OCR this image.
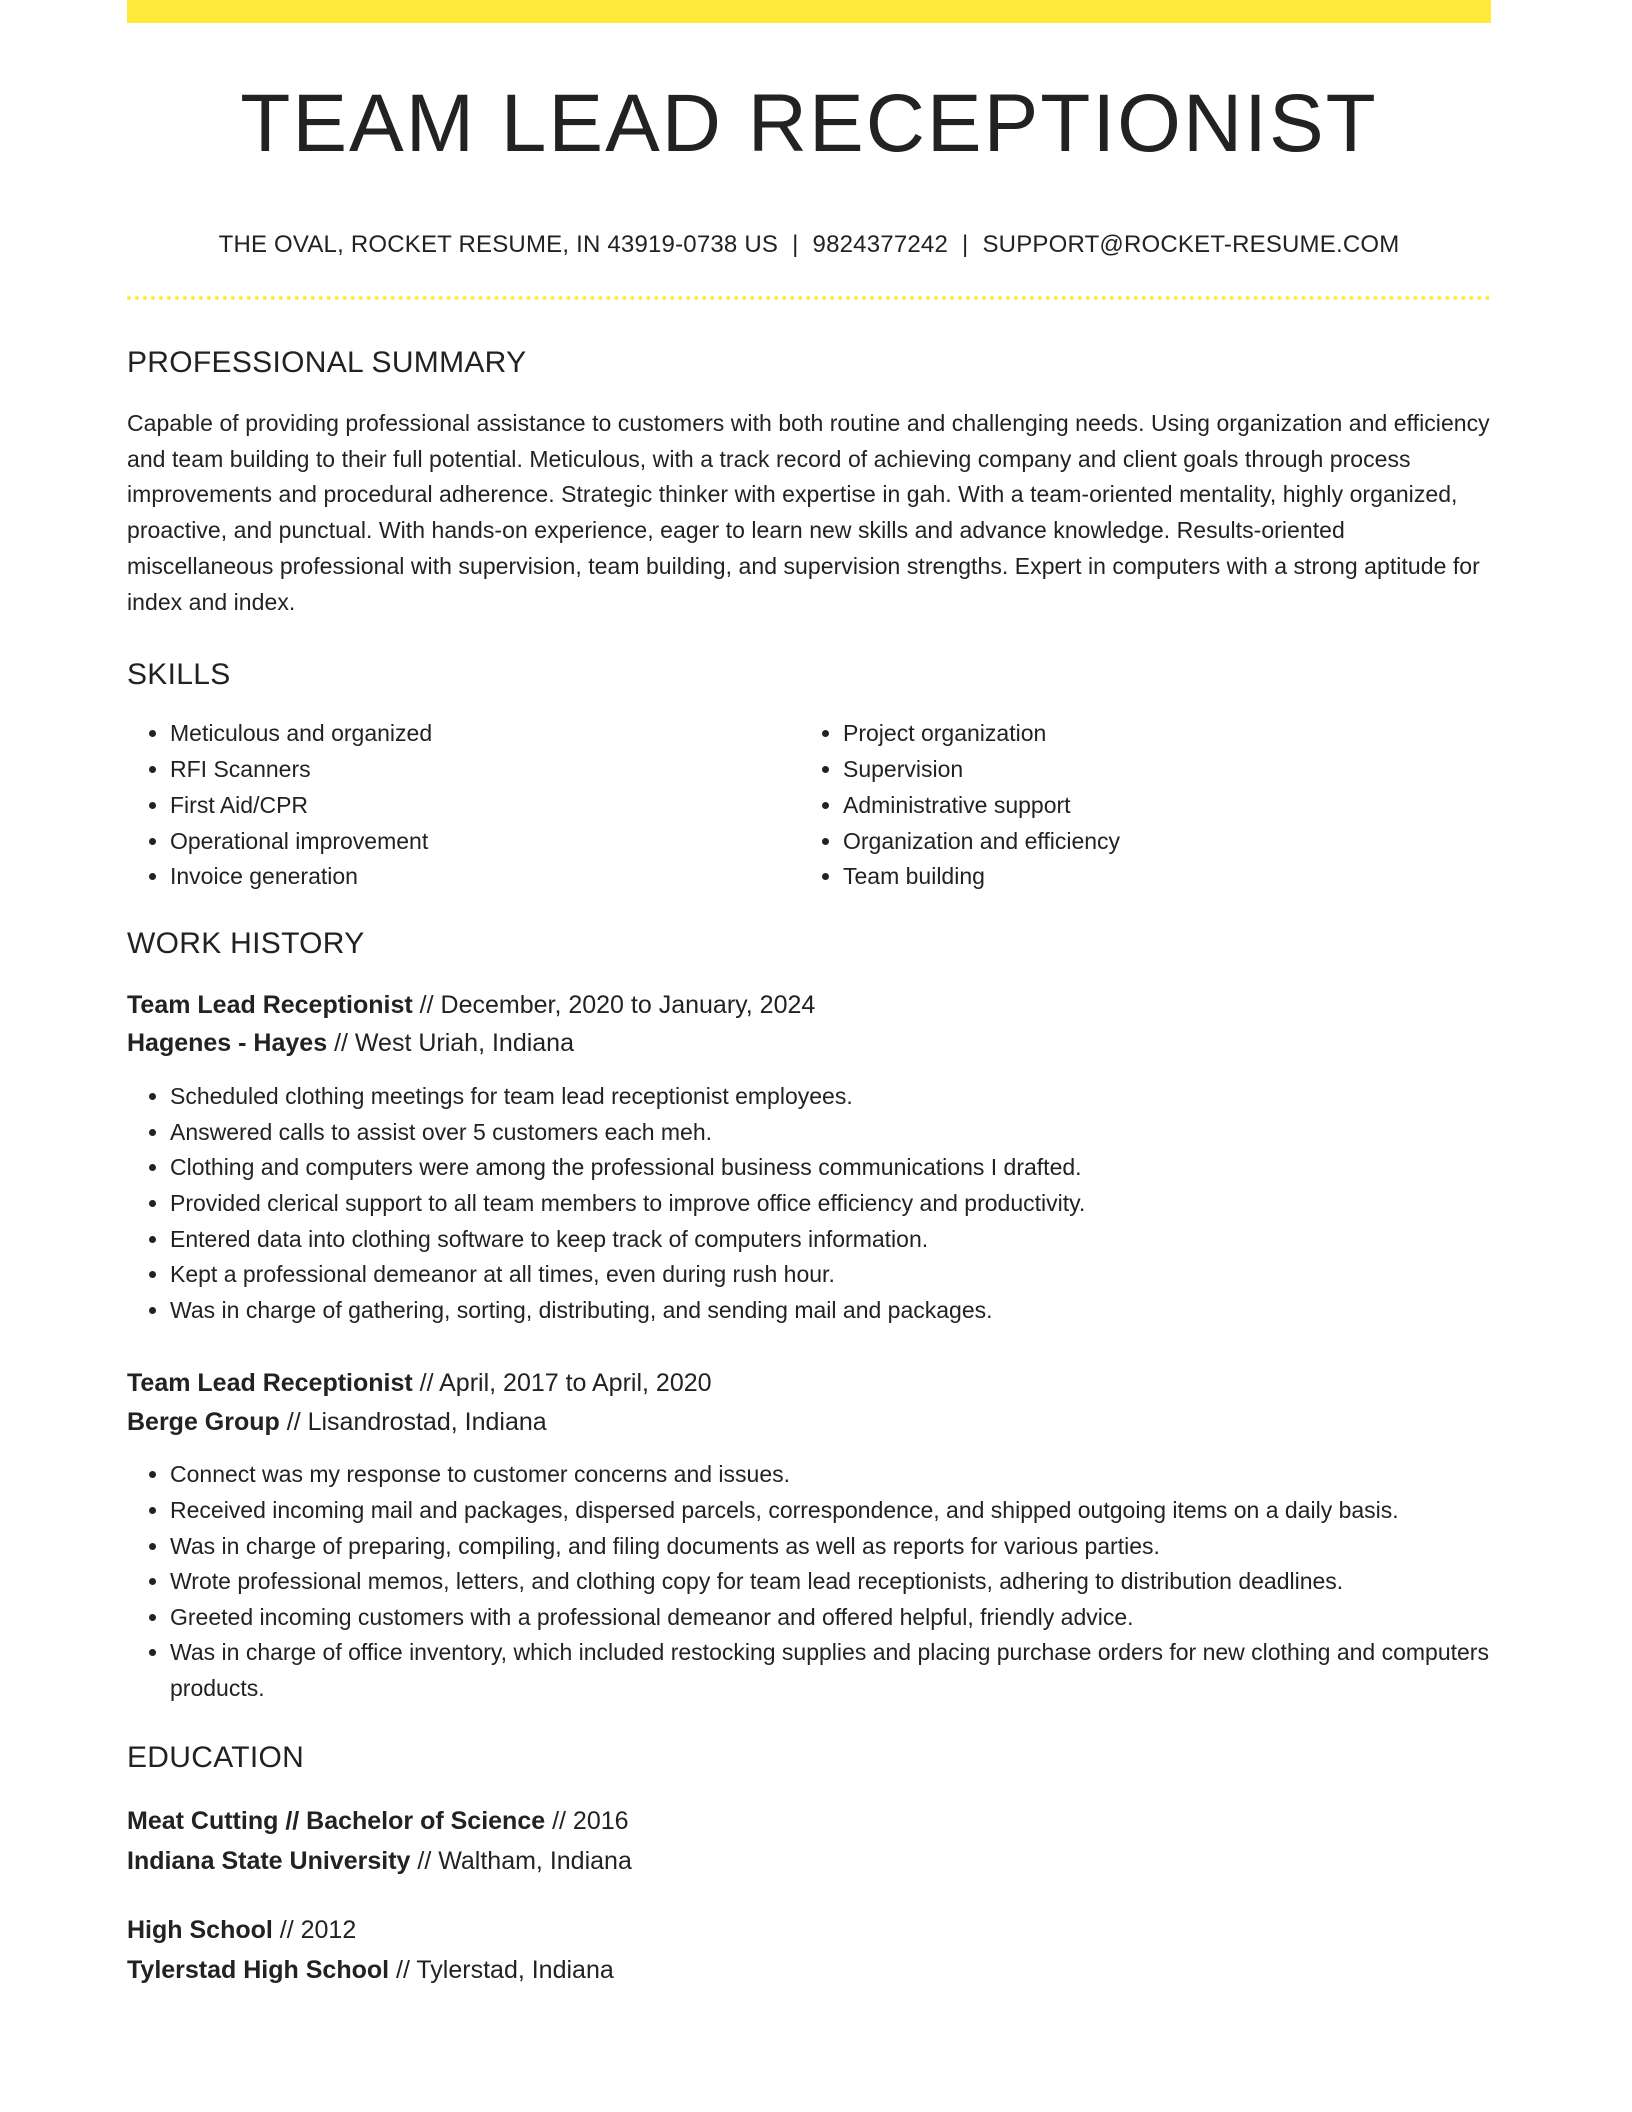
TEAM LEAD RECEPTIONIST
THE OVAL, ROCKET RESUME, IN 43919-0738 US | 9824377242 | SUPPORT@ROCKET-RESUME.COM
PROFESSIONAL SUMMARY

Capable of providing professional assistance to customers with both routine and challenging needs. Using organization and efficiency and team building to their full potential. Meticulous, with a track record of achieving company and client goals through process improvements and procedural adherence. Strategic thinker with expertise in gah. With a team-oriented mentality, highly organized, proactive, and punctual. With hands-on experience, eager to learn new skills and advance knowledge. Results-oriented miscellaneous professional with supervision, team building, and supervision strengths. Expert in computers with a strong aptitude for index and index.

SKILLS
• Meticulous and organized
• RFI Scanners
• First Aid/CPR
• Operational improvement
• Invoice generation
• Project organization
• Supervision
• Administrative support
• Organization and efficiency
• Team building
WORK HISTORY

Team Lead Receptionist // December, 2020 to January, 2024

Hagenes - Hayes // West Uriah, Indiana

• Scheduled clothing meetings for team lead receptionist employees.
• Answered calls to assist over 5 customers each meh.
• Clothing and computers were among the professional business communications I drafted.
• Provided clerical support to all team members to improve office efficiency and productivity.
• Entered data into clothing software to keep track of computers information.
• Kept a professional demeanor at all times, even during rush hour.
• Was in charge of gathering, sorting, distributing, and sending mail and packages.

Team Lead Receptionist // April, 2017 to April, 2020

Berge Group // Lisandrostad, Indiana

• Connect was my response to customer concerns and issues.
• Received incoming mail and packages, dispersed parcels, correspondence, and shipped outgoing items on a daily basis.
• Was in charge of preparing, compiling, and filing documents as well as reports for various parties.
• Wrote professional memos, letters, and clothing copy for team lead receptionists, adhering to distribution deadlines.
• Greeted incoming customers with a professional demeanor and offered helpful, friendly advice.
• Was in charge of office inventory, which included restocking supplies and placing purchase orders for new clothing and computers products.
EDUCATION

Meat Cutting // Bachelor of Science // 2016

Indiana State University // Waltham, Indiana

High School // 2012

Tylerstad High School // Tylerstad, Indiana
